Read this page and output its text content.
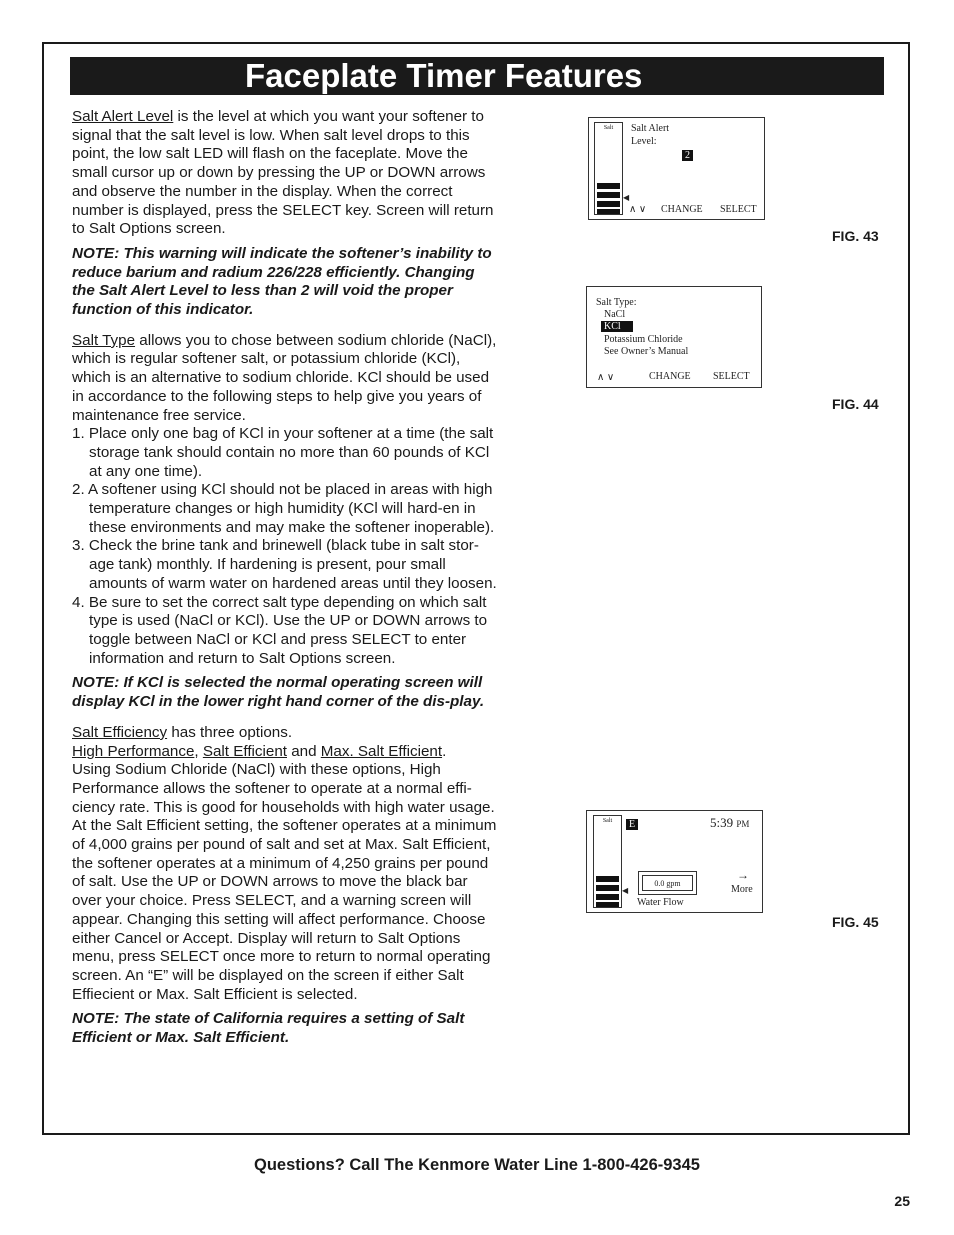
Faceplate Timer Features

Salt Alert Level is the level at which you want your softener to signal that the salt level is low. When salt level drops to this point, the low salt LED will flash on the faceplate. Move the small cursor up or down by pressing the UP or DOWN arrows and observe the number in the display. When the correct number is displayed, press the SELECT key. Screen will return to Salt Options screen.

NOTE: This warning will indicate the softener’s inability to reduce barium and radium 226/228 efficiently. Changing the Salt Alert Level to less than 2 will void the proper function of this indicator.

Salt Type allows you to chose between sodium chloride (NaCl), which is regular softener salt, or potassium chloride (KCl), which is an alternative to sodium chloride. KCl should be used in accordance to the following steps to help give you years of maintenance free service.

1. Place only one bag of KCl in your softener at a time (the salt storage tank should contain no more than 60 pounds of KCl at any one time).
2. A softener using KCl should not be placed in areas with high temperature changes or high humidity (KCl will hard-en in these environments and may make the softener inoperable).
3. Check the brine tank and brinewell (black tube in salt stor-age tank) monthly. If hardening is present, pour small amounts of warm water on hardened areas until they loosen.
4. Be sure to set the correct salt type depending on which salt type is used (NaCl or KCl). Use the UP or DOWN arrows to toggle between NaCl or KCl and press SELECT to enter information and return to Salt Options screen.

NOTE: If KCl is selected the normal operating screen will display KCl in the lower right hand corner of the dis-play.

Salt Efficiency has three options.
High Performance, Salt Efficient and Max. Salt Efficient.
Using Sodium Chloride (NaCl) with these options, High Performance allows the softener to operate at a normal effi-ciency rate. This is good for households with high water usage. At the Salt Efficient setting, the softener operates at a minimum of 4,000 grains per pound of salt and set at Max. Salt Efficient, the softener operates at a minimum of 4,250 grains per pound of salt. Use the UP or DOWN arrows to move the black bar over your choice. Press SELECT, and a warning screen will appear. Changing this setting will affect performance. Choose either Cancel or Accept. Display will return to Salt Options menu, press SELECT once more to return to normal operating screen. An “E” will be displayed on the screen if either Salt Effiecient or Max. Salt Efficient is selected.

NOTE: The state of California requires a setting of Salt Efficient or Max. Salt Efficient.

Salt
◀
Salt Alert
Level:
2
∧ ∨ CHANGE SELECT
FIG. 43
Salt Type:
NaCl
KCl
Potassium Chloride
See Owner’s Manual
∧ ∨	CHANGE SELECT
FIG. 44
Salt
◀
E	5:39 PM
0.0 gpm
Water Flow
→
More
FIG. 45
Questions? Call The Kenmore Water Line 1-800-426-9345
25
